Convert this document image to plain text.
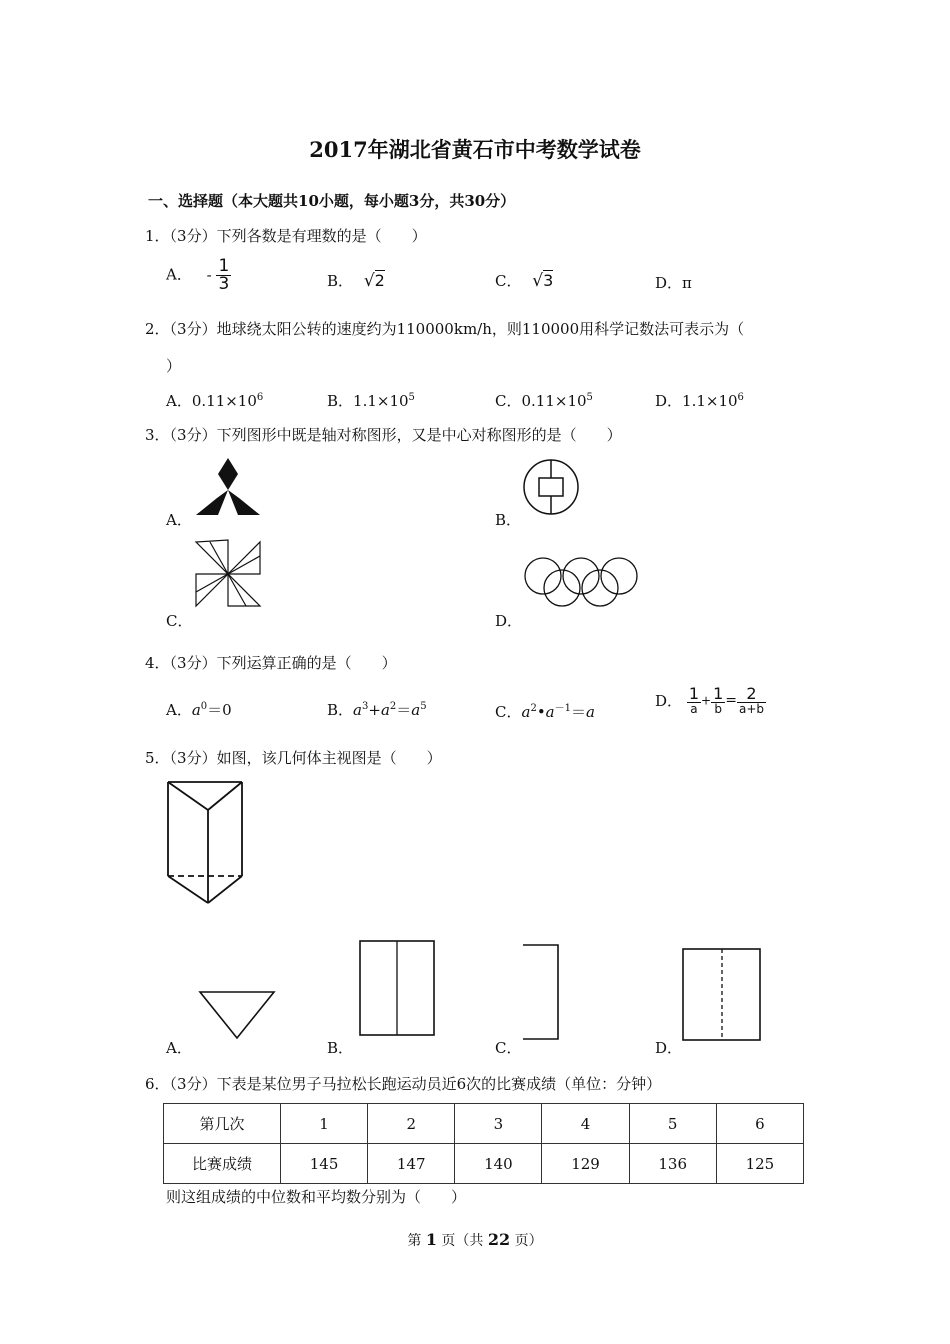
2017年湖北省黄石市中考数学试卷
一、选择题（本大题共10小题，每小题3分，共30分）
1．（3分）下列各数是有理数的是（　　）
A． - $\frac{1}{3}$	B． √2	C． √3	D．π
2．（3分）地球绕太阳公转的速度约为110000km/h，则110000用科学记数法可表示为（
）
A．$0.11\times 10^6$	B．$1.1\times 10^5$	C．$0.11\times 10^5$	D．$1.1\times 10^6$
3．（3分）下列图形中既是轴对称图形，又是中心对称图形的是（　　）
A．	B．
C．	D．
4．（3分）下列运算正确的是（　　）
A．$a^0=0$	B．$a^3+a^2=a^5$	C．$a^2•a^{-1}=a$
D． $\frac{1}{a} + \frac{1}{b} = \frac{2}{a+b}$
5．（3分）如图，该几何体主视图是（　　）
A．	B．	C．	D．
6．（3分）下表是某位男子马拉松长跑运动员近6次的比赛成绩（单位：分钟）
第几次	1	2	3	4	5	6
比赛成绩	145	147	140	129	136	125
则这组成绩的中位数和平均数分别为（　　）
第 1 页（共 22 页）
